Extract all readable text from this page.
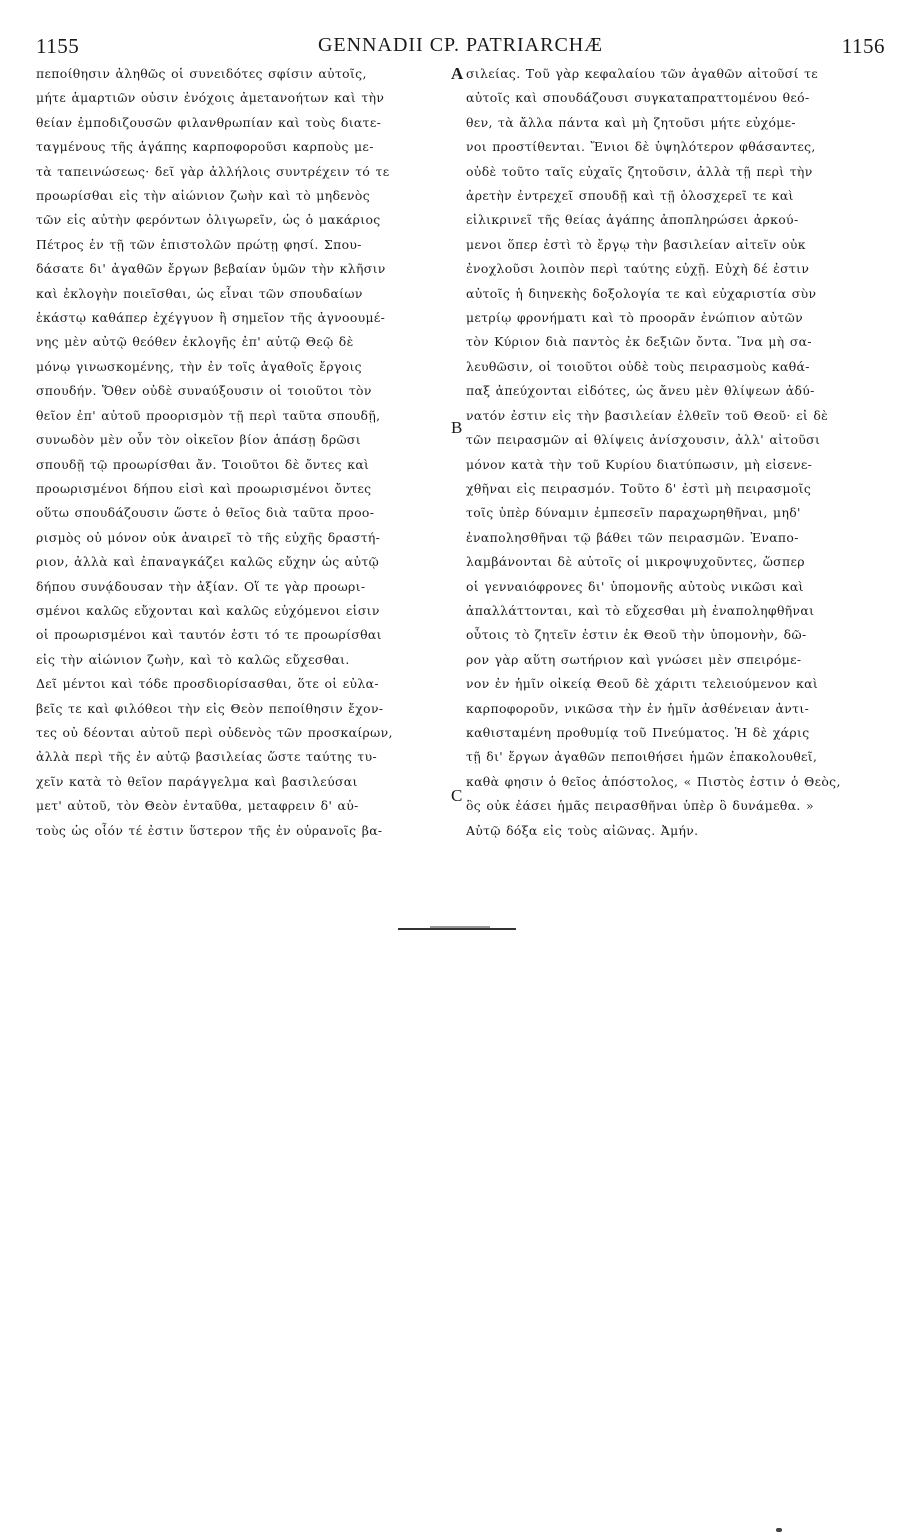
1155	GENNADII CP. PATRIARCHÆ	1156
πεποίθησιν ἀληθῶς οἱ συνειδότες σφίσιν αὐτοῖς,
μήτε ἁμαρτιῶν οὐσιν ἐνόχοις ἀμετανοήτων καὶ τὴν
θείαν ἐμποδιζουσῶν φιλανθρωπίαν καὶ τοὺς διατε-
ταγμένους τῆς ἀγάπης καρποφοροῦσι καρποὺς με-
τὰ ταπεινώσεως· δεῖ γὰρ ἀλλήλοις συντρέχειν τό τε
προωρίσθαι εἰς τὴν αἰώνιον ζωὴν καὶ τὸ μηδενὸς
τῶν εἰς αὐτὴν φερόντων ὀλιγωρεῖν, ὡς ὁ μακάριος
Πέτρος ἐν τῇ τῶν ἐπιστολῶν πρώτῃ φησί. Σπου-
δάσατε δι' ἀγαθῶν ἔργων βεβαίαν ὑμῶν τὴν κλῆσιν
καὶ ἐκλογὴν ποιεῖσθαι, ὡς εἶναι τῶν σπουδαίων
ἑκάστῳ καθάπερ ἐχέγγυον ἢ σημεῖον τῆς ἀγνοουμέ-
νης μὲν αὐτῷ θεόθεν ἐκλογῆς ἐπ' αὐτῷ Θεῷ δὲ
μόνῳ γινωσκομένης, τὴν ἐν τοῖς ἀγαθοῖς ἔργοις
σπουδήν. Ὅθεν οὐδὲ συναύξουσιν οἱ τοιοῦτοι τὸν
θεῖον ἐπ' αὐτοῦ προορισμὸν τῇ περὶ ταῦτα σπουδῇ,
συνωδὸν μὲν οὖν τὸν οἰκεῖον βίον ἁπάσῃ δρῶσι
σπουδῇ τῷ προωρίσθαι ἄν. Τοιοῦτοι δὲ ὄντες καὶ
προωρισμένοι δήπου εἰσὶ καὶ προωρισμένοι ὄντες
οὕτω σπουδάζουσιν ὥστε ὁ θεῖος διὰ ταῦτα προο-
ρισμὸς οὐ μόνον οὐκ ἀναιρεῖ τὸ τῆς εὐχῆς δραστή-
ριον, ἀλλὰ καὶ ἐπαναγκάζει καλῶς εὔχην ὡς αὐτῷ
δήπου συνᾴδουσαν τὴν ἀξίαν. Οἵ τε γὰρ προωρι-
σμένοι καλῶς εὔχονται καὶ καλῶς εὐχόμενοι εἰσιν
οἱ προωρισμένοι καὶ ταυτόν ἐστι τό τε προωρίσθαι
εἰς τὴν αἰώνιον ζωὴν, καὶ τὸ καλῶς εὔχεσθαι.
Δεῖ μέντοι καὶ τόδε προσδιορίσασθαι, ὅτε οἱ εὐλα-
βεῖς τε καὶ φιλόθεοι τὴν εἰς Θεὸν πεποίθησιν ἔχον-
τες οὐ δέονται αὐτοῦ περὶ οὐδενὸς τῶν προσκαίρων,
ἀλλὰ περὶ τῆς ἐν αὐτῷ βασιλείας ὥστε ταύτης τυ-
χεῖν κατὰ τὸ θεῖον παράγγελμα καὶ βασιλεύσαι
μετ' αὐτοῦ, τὸν Θεὸν ἐνταῦθα, μεταφρειν δ' αὐ-
τοὺς ὡς οἷόν τέ ἐστιν ὕστερον τῆς ἐν οὐρανοῖς βα-
σιλείας. Τοῦ γὰρ κεφαλαίου τῶν ἀγαθῶν αἰτοῦσί τε
αὐτοῖς καὶ σπουδάζουσι συγκαταπραττομένου θεό-
θεν, τὰ ἄλλα πάντα καὶ μὴ ζητοῦσι μήτε εὐχόμε-
νοι προστίθενται. Ἔνιοι δὲ ὑψηλότερον φθάσαντες,
οὐδὲ τοῦτο ταῖς εὐχαῖς ζητοῦσιν, ἀλλὰ τῇ περὶ τὴν
ἀρετὴν ἐντρεχεῖ σπουδῇ καὶ τῇ ὁλοσχερεῖ τε καὶ
εἰλικρινεῖ τῆς θείας ἀγάπης ἀποπληρώσει ἀρκού-
μενοι ὅπερ ἐστὶ τὸ ἔργῳ τὴν βασιλείαν αἰτεῖν οὐκ
ἐνοχλοῦσι λοιπὸν περὶ ταύτης εὐχῇ. Εὐχὴ δέ ἐστιν
αὐτοῖς ἡ διηνεκὴς δοξολογία τε καὶ εὐχαριστία σὺν
μετρίῳ φρονήματι καὶ τὸ προορᾶν ἐνώπιον αὐτῶν
τὸν Κύριον διὰ παντὸς ἐκ δεξιῶν ὄντα. Ἵνα μὴ σα-
λευθῶσιν, οἱ τοιοῦτοι οὐδὲ τοὺς πειρασμοὺς καθά-
παξ ἀπεύχονται εἰδότες, ὡς ἄνευ μὲν θλίψεων ἀδύ-
νατόν ἐστιν εἰς τὴν βασιλείαν ἐλθεῖν τοῦ Θεοῦ· εἰ δὲ
τῶν πειρασμῶν αἱ θλίψεις ἀνίσχουσιν, ἀλλ' αἰτοῦσι
μόνον κατὰ τὴν τοῦ Κυρίου διατύπωσιν, μὴ εἰσενε-
χθῆναι εἰς πειρασμόν. Τοῦτο δ' ἐστὶ μὴ πειρασμοῖς
τοῖς ὑπὲρ δύναμιν ἐμπεσεῖν παραχωρηθῆναι, μηδ'
ἐναπολησθῆναι τῷ βάθει τῶν πειρασμῶν. Ἐναπο-
λαμβάνονται δὲ αὐτοῖς οἱ μικροψυχοῦντες, ὥσπερ
οἱ γενναιόφρονες δι' ὑπομονῆς αὐτοὺς νικῶσι καὶ
ἀπαλλάττονται, καὶ τὸ εὔχεσθαι μὴ ἐναποληφθῆναι
οὗτοις τὸ ζητεῖν ἐστιν ἐκ Θεοῦ τὴν ὑπομονὴν, δῶ-
ρον γὰρ αὕτη σωτήριον καὶ γνώσει μὲν σπειρόμε-
νον ἐν ἡμῖν οἰκείᾳ Θεοῦ δὲ χάριτι τελειούμενον καὶ
καρποφοροῦν, νικῶσα τὴν ἐν ἡμῖν ἀσθένειαν ἀντι-
καθισταμένη προθυμίᾳ τοῦ Πνεύματος. Ἡ δὲ χάρις
τῇ δι' ἔργων ἀγαθῶν πεποιθήσει ἡμῶν ἐπακολουθεῖ,
καθὰ φησιν ὁ θεῖος ἀπόστολος, « Πιστὸς ἐστιν ὁ Θεὸς,
ὃς οὐκ ἐάσει ἡμᾶς πειρασθῆναι ὑπὲρ ὃ δυνάμεθα. »
Αὐτῷ δόξα εἰς τοὺς αἰῶνας. Ἀμήν.
A
B
C
